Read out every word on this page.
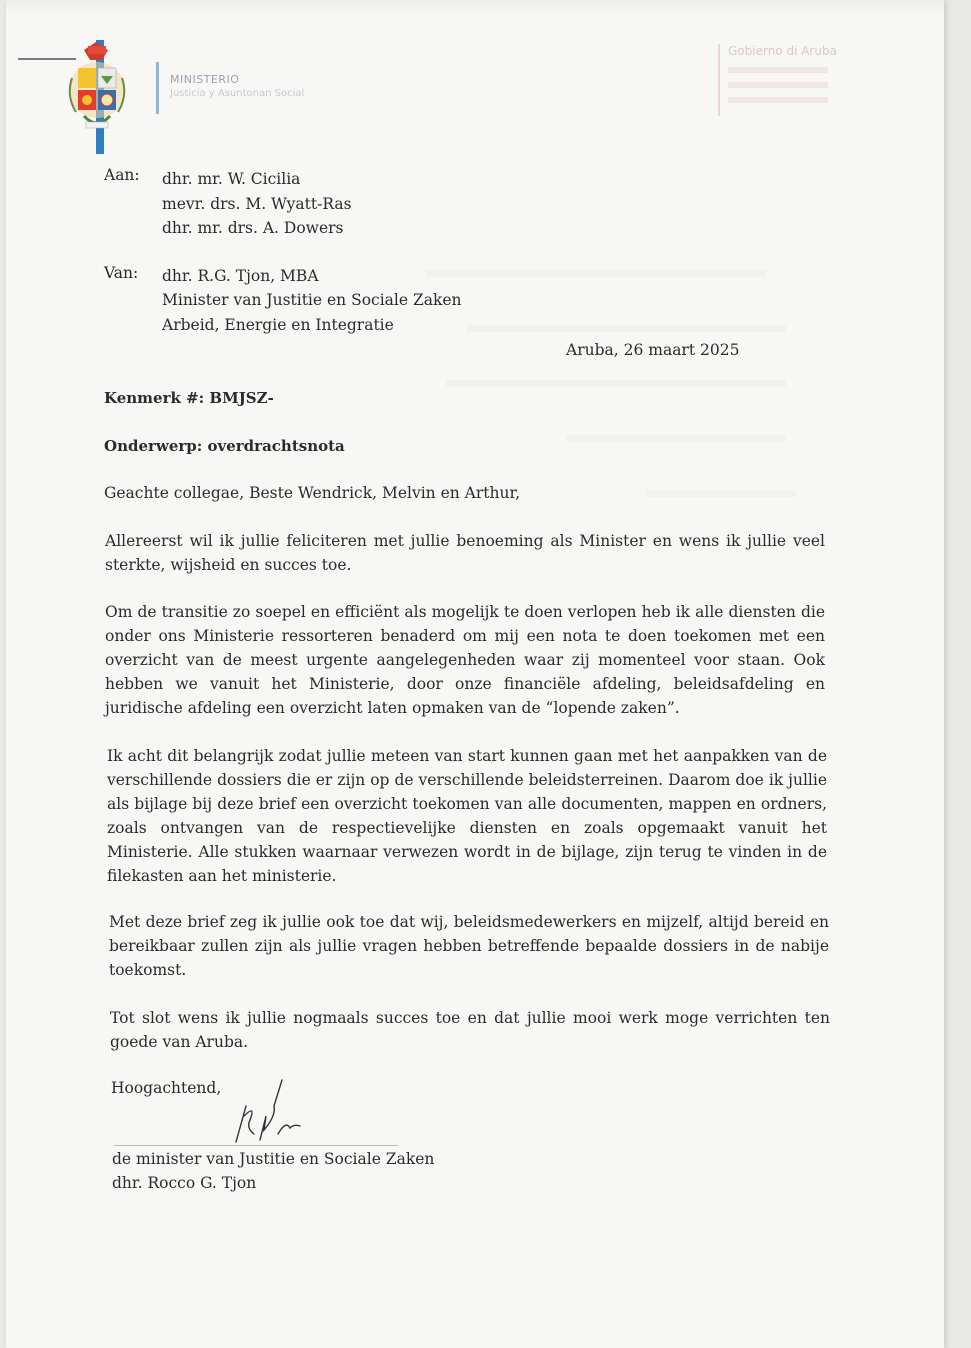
MINISTERIO
Justicia y Asuntonan Social
Gobierno di Aruba
Aan: dhr. mr. W. Cicilia
mevr. drs. M. Wyatt-Ras
dhr. mr. drs. A. Dowers
Van: dhr. R.G. Tjon, MBA
Minister van Justitie en Sociale Zaken
Arbeid, Energie en Integratie
Aruba, 26 maart 2025
Kenmerk #: BMJSZ-
Onderwerp: overdrachtsnota
Geachte collegae, Beste Wendrick, Melvin en Arthur,
Allereerst wil ik jullie feliciteren met jullie benoeming als Minister en wens ik jullie veel sterkte, wijsheid en succes toe.
Om de transitie zo soepel en efficiënt als mogelijk te doen verlopen heb ik alle diensten die onder ons Ministerie ressorteren benaderd om mij een nota te doen toekomen met een overzicht van de meest urgente aangelegenheden waar zij momenteel voor staan. Ook hebben we vanuit het Ministerie, door onze financiële afdeling, beleidsafdeling en juridische afdeling een overzicht laten opmaken van de “lopende zaken”.
Ik acht dit belangrijk zodat jullie meteen van start kunnen gaan met het aanpakken van de verschillende dossiers die er zijn op de verschillende beleidsterreinen. Daarom doe ik jullie als bijlage bij deze brief een overzicht toekomen van alle documenten, mappen en ordners, zoals ontvangen van de respectievelijke diensten en zoals opgemaakt vanuit het Ministerie. Alle stukken waarnaar verwezen wordt in de bijlage, zijn terug te vinden in de filekasten aan het ministerie.
Met deze brief zeg ik jullie ook toe dat wij, beleidsmedewerkers en mijzelf, altijd bereid en bereikbaar zullen zijn als jullie vragen hebben betreffende bepaalde dossiers in de nabije toekomst.
Tot slot wens ik jullie nogmaals succes toe en dat jullie mooi werk moge verrichten ten goede van Aruba.
Hoogachtend,
de minister van Justitie en Sociale Zaken
dhr. Rocco G. Tjon
